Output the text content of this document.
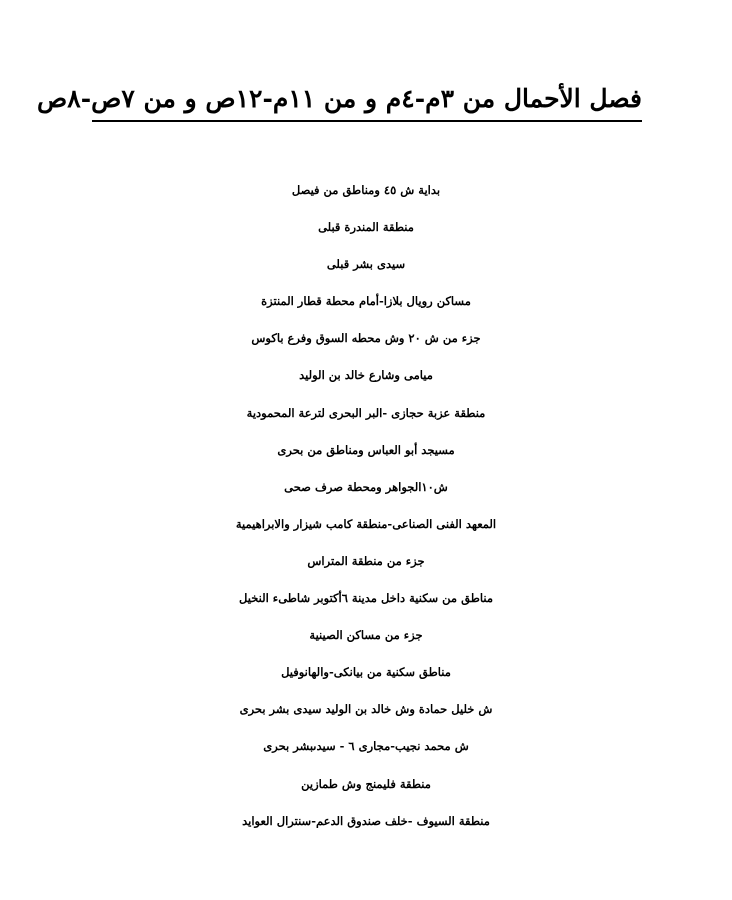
فصل الأحمال من ٣م-٤م و من ١١م-١٢ص و من ٧ص-٨ص
بداية ش ٤٥ ومناطق من فيصل
منطقة المندرة قبلى
سيدى بشر قبلى
مساكن رويال بلازا-أمام محطة قطار المنتزة
جزء من ش ٢٠ وش محطه السوق وفرع باكوس
ميامى وشارع خالد بن الوليد
منطقة عزبة حجازى -البر البحرى لترعة المحمودية
مسيجد أبو العباس ومناطق من بحرى
ش١٠الجواهر ومحطة صرف صحى
المعهد الفنى الصناعى-منطقة كامب شيزار والابراهيمية
جزء من منطقة المتراس
مناطق من سكنية داخل مدينة ٦أكتوبر شاطىء النخيل
جزء من مساكن الصينية
مناطق سكنية من بيانكى-والهانوفيل
ش خليل حمادة وش خالد بن الوليد سيدى بشر بحرى
ش محمد نجيب-مجارى ٦ - سيدىبشر بحرى
منطقة فليمنج وش طمازين
منطقة السيوف -خلف صندوق الدعم-سنترال العوايد
